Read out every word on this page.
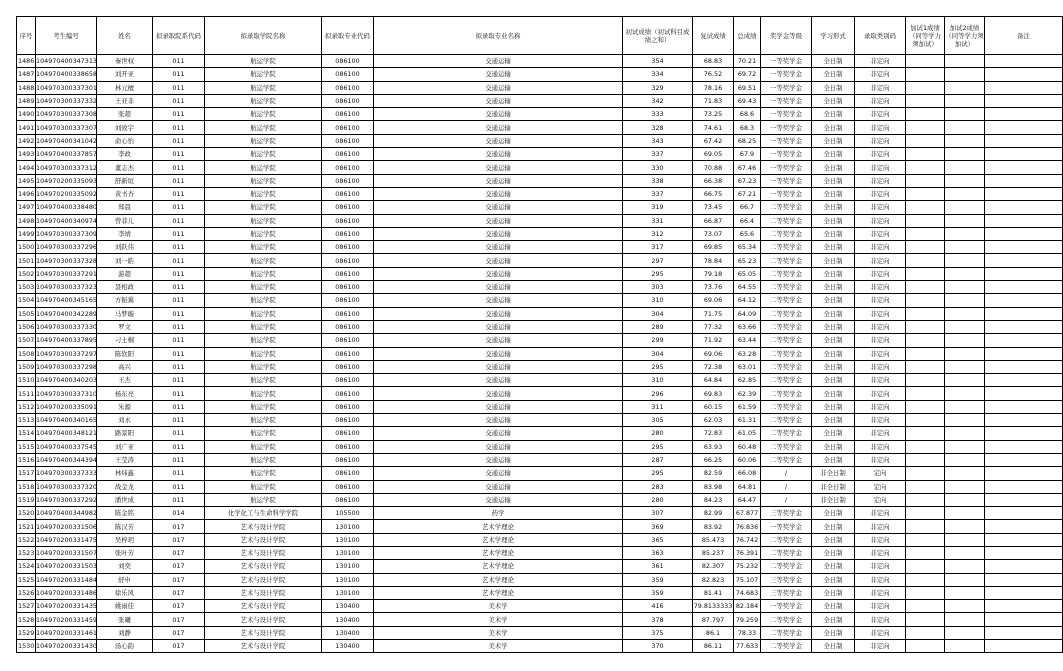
序号	考生编号	姓名	拟录取院系代码	拟录取学院名称	拟录取专业代码	拟录取专业名称	初试成绩（初试科目成绩之和）	复试成绩	总成绩	奖学金等级	学习形式	录取类别码	加试1成绩（同等学力须加试）	加试2成绩（同等学力须加试）	备注
1486	104970400347313	秦世权	011	航运学院	086100	交通运输	354	68.83	70.21	一等奖学金	全日制	非定向			
1487	104970400338658	刘开亚	011	航运学院	086100	交通运输	334	76.52	69.72	一等奖学金	全日制	非定向			
1488	104970300337301	林元檀	011	航运学院	086100	交通运输	329	78.16	69.51	一等奖学金	全日制	非定向			
1489	104970300337332	王亚非	011	航运学院	086100	交通运输	342	71.83	69.43	一等奖学金	全日制	非定向			
1490	104970300337308	张超	011	航运学院	086100	交通运输	333	73.25	68.6	一等奖学金	全日制	非定向			
1491	104970300337307	刘致宇	011	航运学院	086100	交通运输	328	74.61	68.3	一等奖学金	全日制	非定向			
1492	104970400341042	俞心怡	011	航运学院	086100	交通运输	343	67.42	68.25	一等奖学金	全日制	非定向			
1493	104970400337857	李政	011	航运学院	086100	交通运输	337	69.05	67.9	一等奖学金	全日制	非定向			
1494	104970300337312	董志杰	011	航运学院	086100	交通运输	330	70.88	67.46	一等奖学金	全日制	非定向			
1495	104970200335093	舒新垣	011	航运学院	086100	交通运输	338	66.38	67.23	一等奖学金	全日制	非定向			
1496	104970200335092	黄书杏	011	航运学院	086100	交通运输	337	66.75	67.21	一等奖学金	全日制	非定向			
1497	104970400338480	郑晨	011	航运学院	086100	交通运输	319	73.45	66.7	二等奖学金	全日制	非定向			
1498	104970400340974	曾菲儿	011	航运学院	086100	交通运输	331	66.87	66.4	二等奖学金	全日制	非定向			
1499	104970300337309	李靖	011	航运学院	086100	交通运输	312	73.07	65.6	二等奖学金	全日制	非定向			
1500	104970300337296	刘跃伟	011	航运学院	086100	交通运输	317	69.85	65.34	二等奖学金	全日制	非定向			
1501	104970300337328	刘一皓	011	航运学院	086100	交通运输	297	78.84	65.23	二等奖学金	全日制	非定向			
1502	104970300337291	游超	011	航运学院	086100	交通运输	295	79.18	65.05	二等奖学金	全日制	非定向			
1503	104970300337323	聂相政	011	航运学院	086100	交通运输	303	73.76	64.55	二等奖学金	全日制	非定向			
1504	104970400345165	方振翼	011	航运学院	086100	交通运输	310	69.06	64.12	二等奖学金	全日制	非定向			
1505	104970400342289	马梦璇	011	航运学院	086100	交通运输	304	71.75	64.09	二等奖学金	全日制	非定向			
1506	104970300337330	罗文	011	航运学院	086100	交通运输	289	77.32	63.66	二等奖学金	全日制	非定向			
1507	104970400337895	刁士桐	011	航运学院	086100	交通运输	299	71.92	63.44	二等奖学金	全日制	非定向			
1508	104970300337297	陈软阳	011	航运学院	086100	交通运输	304	69.06	63.28	二等奖学金	全日制	非定向			
1509	104970300337298	高兴	011	航运学院	086100	交通运输	295	72.38	63.01	二等奖学金	全日制	非定向			
1510	104970400340203	王杰	011	航运学院	086100	交通运输	310	64.84	62.85	二等奖学金	全日制	非定向			
1511	104970300337310	杨东亮	011	航运学院	086100	交通运输	296	69.83	62.39	二等奖学金	全日制	非定向			
1512	104970200335091	朱源	011	航运学院	086100	交通运输	311	60.15	61.59	二等奖学金	全日制	非定向			
1513	104970400340165	刘永	011	航运学院	086100	交通运输	305	62.03	61.31	二等奖学金	全日制	非定向			
1514	104970400348121	路景阳	011	航运学院	086100	交通运输	280	72.83	61.05	二等奖学金	全日制	非定向			
1515	104970400337545	刘广亚	011	航运学院	086100	交通运输	295	63.93	60.48	二等奖学金	全日制	非定向			
1516	104970400344394	王莹涛	011	航运学院	086100	交通运输	287	66.25	60.06	二等奖学金	全日制	非定向			
1517	104970300337333	林炜鑫	011	航运学院	086100	交通运输	295	82.59	66.08	/	非全日制	定向			
1518	104970300337320	战金龙	011	航运学院	086100	交通运输	283	83.98	64.81	/	非全日制	定向			
1519	104970300337292	潘世成	011	航运学院	086100	交通运输	280	84.23	64.47	/	非全日制	定向			
1520	104970400344982	陈金铭	014	化学化工与生命科学学院	105500	药学	307	82.99	67.877	三等奖学金	全日制	非定向			
1521	104970200331506	陈汉芳	017	艺术与设计学院	130100	艺术学理论	369	83.92	76.836	一等奖学金	全日制	非定向			
1522	104970200331475	吴梓玥	017	艺术与设计学院	130100	艺术学理论	365	85.473	76.742	二等奖学金	全日制	非定向			
1523	104970200331507	张叶芳	017	艺术与设计学院	130100	艺术学理论	363	85.237	76.391	二等奖学金	全日制	非定向			
1524	104970200331503	刘奕	017	艺术与设计学院	130100	艺术学理论	361	82.307	75.232	二等奖学金	全日制	非定向			
1525	104970200331484	舒申	017	艺术与设计学院	130100	艺术学理论	359	82.823	75.107	三等奖学金	全日制	非定向			
1526	104970200331486	徐乐风	017	艺术与设计学院	130100	艺术学理论	359	81.41	74.683	三等奖学金	全日制	非定向			
1527	104970200331435	姚雨佳	017	艺术与设计学院	130400	美术学	416	79.8133333	82.184	一等奖学金	全日制	非定向			
1528	104970200331459	张曦	017	艺术与设计学院	130400	美术学	378	87.797	79.259	二等奖学金	全日制	非定向			
1529	104970200331461	刘静	017	艺术与设计学院	130400	美术学	375	86.1	78.33	二等奖学金	全日制	非定向			
1530	104970200331430	汤心韵	017	艺术与设计学院	130400	美术学	370	86.11	77.633	二等奖学金	全日制	非定向			
